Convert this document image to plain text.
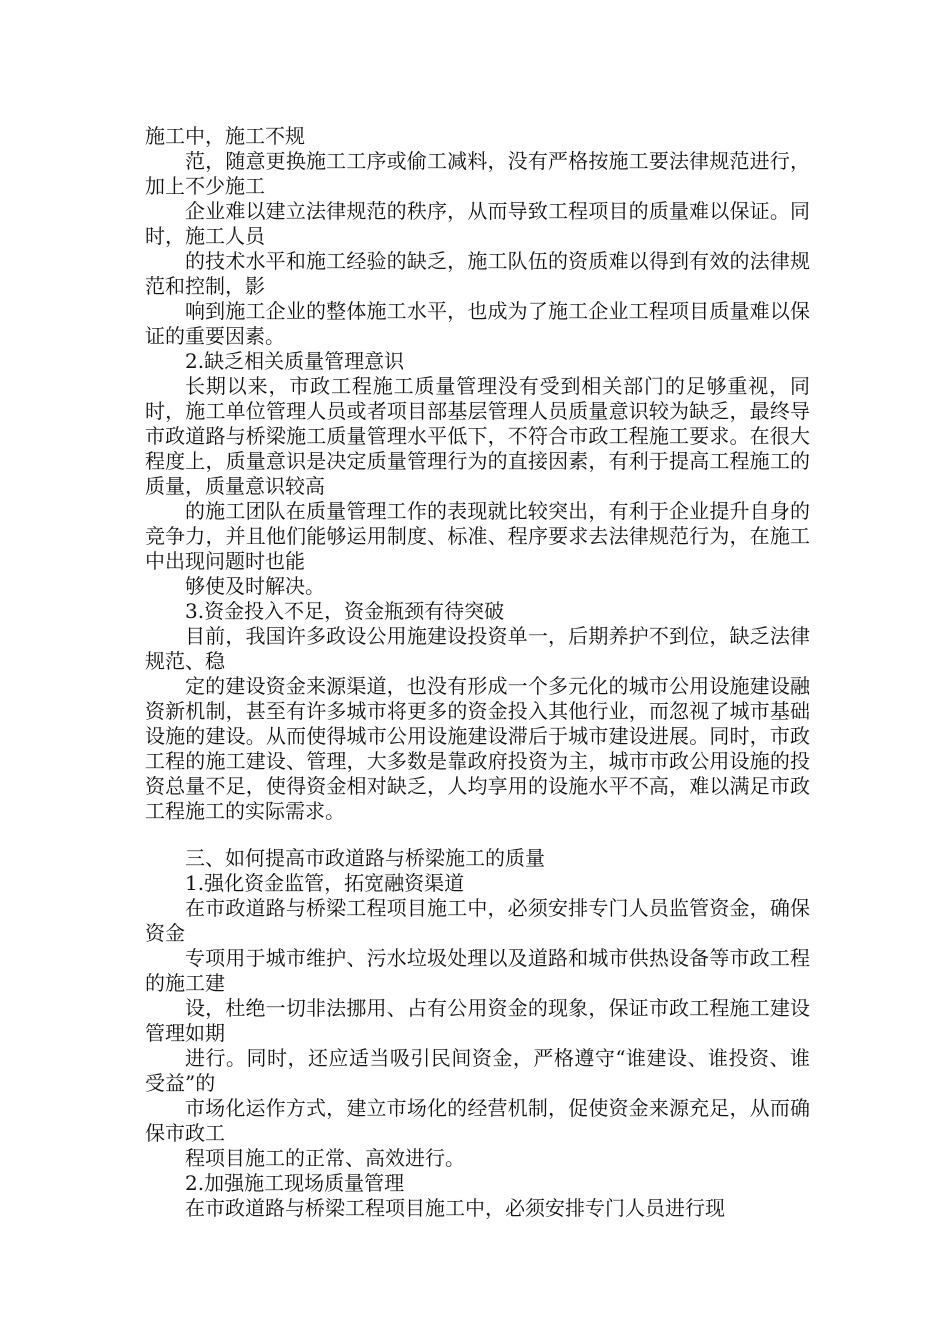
施工中，施工不规

范，随意更换施工工序或偷工减料，没有严格按施工要法律规范进行，加上不少施工

企业难以建立法律规范的秩序，从而导致工程项目的质量难以保证。同时，施工人员

的技术水平和施工经验的缺乏，施工队伍的资质难以得到有效的法律规范和控制，影

响到施工企业的整体施工水平，也成为了施工企业工程项目质量难以保证的重要因素。

2.缺乏相关质量管理意识

长期以来，市政工程施工质量管理没有受到相关部门的足够重视，同时，施工单位管理人员或者项目部基层管理人员质量意识较为缺乏，最终导市政道路与桥梁施工质量管理水平低下，不符合市政工程施工要求。在很大程度上，质量意识是决定质量管理行为的直接因素，有利于提高工程施工的质量，质量意识较高

的施工团队在质量管理工作的表现就比较突出，有利于企业提升自身的竞争力，并且他们能够运用制度、标准、程序要求去法律规范行为，在施工中出现问题时也能

够使及时解决。

3.资金投入不足，资金瓶颈有待突破

目前，我国许多政设公用施建设投资单一，后期养护不到位，缺乏法律规范、稳

定的建设资金来源渠道，也没有形成一个多元化的城市公用设施建设融资新机制，甚至有许多城市将更多的资金投入其他行业，而忽视了城市基础设施的建设。从而使得城市公用设施建设滞后于城市建设进展。同时，市政工程的施工建设、管理，大多数是靠政府投资为主，城市市政公用设施的投资总量不足，使得资金相对缺乏，人均享用的设施水平不高，难以满足市政工程施工的实际需求。

三、如何提高市政道路与桥梁施工的质量

1.强化资金监管，拓宽融资渠道

在市政道路与桥梁工程项目施工中，必须安排专门人员监管资金，确保资金

专项用于城市维护、污水垃圾处理以及道路和城市供热设备等市政工程的施工建

设，杜绝一切非法挪用、占有公用资金的现象，保证市政工程施工建设管理如期

进行。同时，还应适当吸引民间资金，严格遵守“谁建设、谁投资、谁受益”的

市场化运作方式，建立市场化的经营机制，促使资金来源充足，从而确保市政工

程项目施工的正常、高效进行。

2.加强施工现场质量管理

在市政道路与桥梁工程项目施工中，必须安排专门人员进行现
